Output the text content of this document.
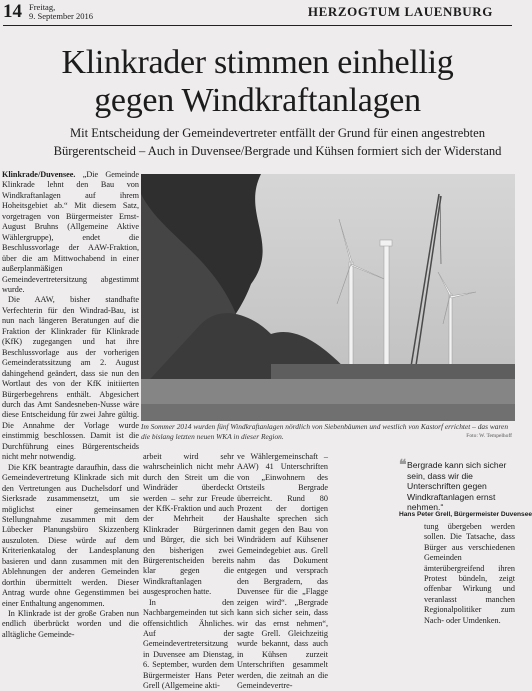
14 Freitag,
9. September 2016	HERZOGTUM LAUENBURG
Klinkrader stimmen einhellig
gegen Windkraftanlagen
Mit Entscheidung der Gemeindevertreter entfällt der Grund für einen angestrebten
Bürgerentscheid – Auch in Duvensee/Bergrade und Kühsen formiert sich der Widerstand

Klinkrade/Duvensee. „Die Gemeinde Klinkrade lehnt den Bau von Windkraftanlagen auf ihrem Hoheitsgebiet ab.“ Mit diesem Satz, vorgetragen von Bürgermeister Ernst-August Bruhns (Allgemeine Aktive Wählergruppe), endet die Beschlussvorlage der AAW-Fraktion, über die am Mittwochabend in einer außerplanmäßigen Gemeindevertretersitzung abgestimmt wurde.

Die AAW, bisher standhafte Verfechterin für den Windrad-Bau, ist nun nach längeren Beratungen auf die Fraktion der Klinkrader für Klinkrade (KfK) zugegangen und hat ihre Beschlussvorlage aus der vorherigen Gemeinderatssitzung am 2. August dahingehend geändert, dass sie nun den Wortlaut des von der KfK initiierten Bürgerbegehrens enthält. Abgesichert durch das Amt Sandesneben-Nusse wäre diese Entscheidung für zwei Jahre gültig. Die Annahme der Vorlage wurde einstimmig beschlossen. Damit ist die Durchführung eines Bürgerentscheids nicht mehr notwendig.

Die KfK beantragte daraufhin, dass die Gemeindevertretung Klinkrade sich mit den Vertretungen aus Duchelsdorf und Sierksrade zusammensetzt, um sie möglichst einer gemeinsamen Stellungnahme zusammen mit dem Lübecker Planungsbüro Skizzenberg auszuloten. Diese würde auf dem Kriterienkatalog der Landesplanung basieren und dann zusammen mit den Ablehnungen der anderen Gemeinden dorthin übermittelt werden. Dieser Antrag wurde ohne Gegenstimmen bei einer Enthaltung angenommen.

In Klinkrade ist der große Graben nun endlich überbrückt worden und die alltägliche Gemeinde-

Im Sommer 2014 wurden fünf Windkraftanlagen nördlich von Siebenbäumen und westlich von Kastorf errichtet – das waren die bislang letzten neuen WKA in dieser Region.	Foto: W. Tempelhoff

arbeit wird sehr wahrscheinlich nicht mehr durch den Streit um die Windräder überdeckt werden – sehr zur Freude der KfK-Fraktion und auch der Mehrheit der Klinkrader Bürgerinnen und Bürger, die sich bei den bisherigen zwei Bürgerentscheiden bereits klar gegen die Windkraftanlagen ausgesprochen hatte.

In den Nachbargemeinden tut sich offensichtlich Ähnliches. Auf der Gemeindevertretersitzung in Duvensee am Dienstag, 6. September, wurden dem Bürgermeister Hans Peter Grell (Allgemeine akti-

ve Wählergemeinschaft – AAW) 41 Unterschriften von „Einwohnern des Ortsteils Bergrade überreicht. Rund 80 Prozent der dortigen Haushalte sprechen sich damit gegen den Bau von Windrädern auf Kühsener Gemeindegebiet aus. Grell nahm das Dokument entgegen und versprach den Bergradern, das Duvensee für die „Flagge zeigen wird“. „Bergrade kann sich sicher sein, dass wir das ernst nehmen“, sagte Grell. Gleichzeitig wurde bekannt, dass auch in Kühsen zurzeit Unterschriften gesammelt werden, die zeitnah an die Gemeindevertre-

❝ Bergrade kann sich sicher sein, dass wir die Unterschriften gegen Windkraftanlagen ernst nehmen.“
Hans Peter Grell, Bürgermeister Duvensee

tung übergeben werden sollen. Die Tatsache, dass Bürger aus verschiedenen Gemeinden ämterübergreifend ihren Protest bündeln, zeigt offenbar Wirkung und veranlasst manchen Regionalpolitiker zum Nach- oder Umdenken.
